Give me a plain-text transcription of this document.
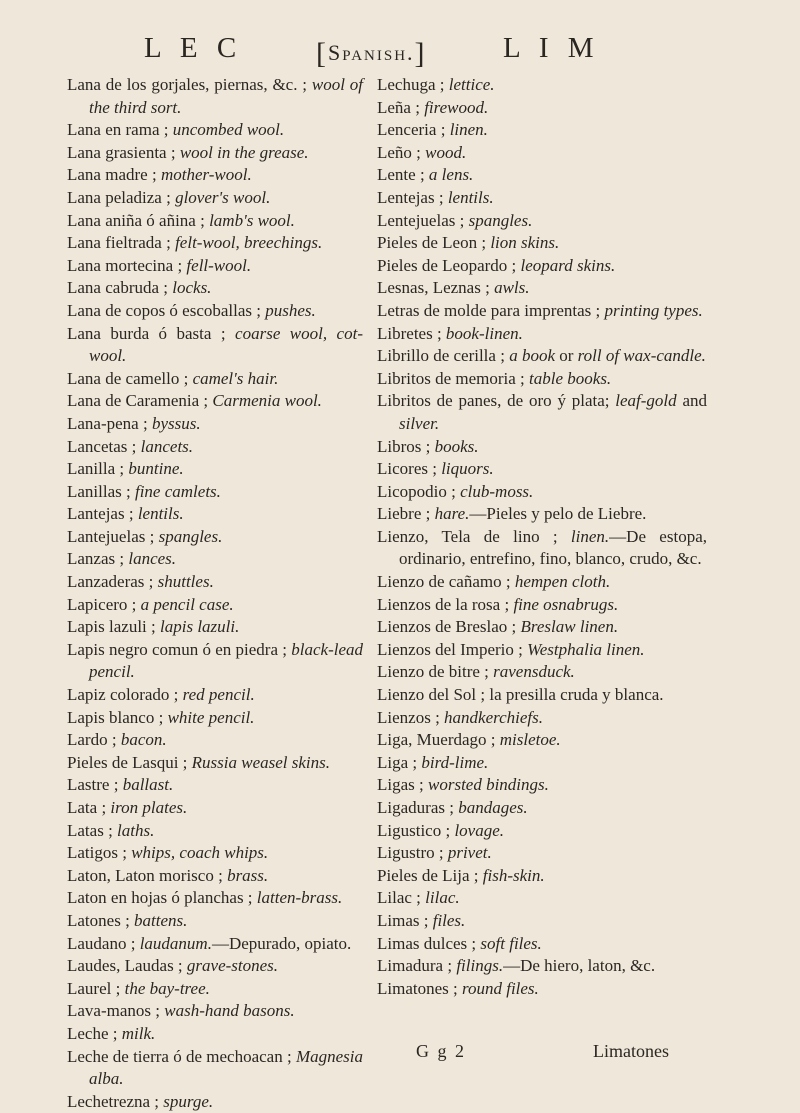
L E C [Spanish.]	L I M

Lana de los gorjales, piernas, &c. ; wool of the third sort.

Lana en rama ; uncombed wool.

Lana grasienta ; wool in the grease.

Lana madre ; mother-wool.

Lana peladiza ; glover's wool.

Lana aniña ó añina ; lamb's wool.

Lana fieltrada ; felt-wool, breechings.

Lana mortecina ; fell-wool.

Lana cabruda ; locks.

Lana de copos ó escoballas ; pushes.

Lana burda ó basta ; coarse wool, cot-wool.

Lana de camello ; camel's hair.

Lana de Caramenia ; Carmenia wool.

Lana-pena ; byssus.

Lancetas ; lancets.

Lanilla ; buntine.

Lanillas ; fine camlets.

Lantejas ; lentils.

Lantejuelas ; spangles.

Lanzas ; lances.

Lanzaderas ; shuttles.

Lapicero ; a pencil case.

Lapis lazuli ; lapis lazuli.

Lapis negro comun ó en piedra ; black-lead pencil.

Lapiz colorado ; red pencil.

Lapis blanco ; white pencil.

Lardo ; bacon.

Pieles de Lasqui ; Russia weasel skins.

Lastre ; ballast.

Lata ; iron plates.

Latas ; laths.

Latigos ; whips, coach whips.

Laton, Laton morisco ; brass.

Laton en hojas ó planchas ; latten-brass.

Latones ; battens.

Laudano ; laudanum.—Depurado, opiato.

Laudes, Laudas ; grave-stones.

Laurel ; the bay-tree.

Lava-manos ; wash-hand basons.

Leche ; milk.

Leche de tierra ó de mechoacan ; Magnesia alba.

Lechetrezna ; spurge.

Lechuga ; lettice.

Leña ; firewood.

Lenceria ; linen.

Leño ; wood.

Lente ; a lens.

Lentejas ; lentils.

Lentejuelas ; spangles.

Pieles de Leon ; lion skins.

Pieles de Leopardo ; leopard skins.

Lesnas, Leznas ; awls.

Letras de molde para imprentas ; printing types.

Libretes ; book-linen.

Librillo de cerilla ; a book or roll of wax-candle.

Libritos de memoria ; table books.

Libritos de panes, de oro ý plata; leaf-gold and silver.

Libros ; books.

Licores ; liquors.

Licopodio ; club-moss.

Liebre ; hare.—Pieles y pelo de Liebre.

Lienzo, Tela de lino ; linen.—De estopa, ordinario, entrefino, fino, blanco, crudo, &c.

Lienzo de cañamo ; hempen cloth.

Lienzos de la rosa ; fine osnabrugs.

Lienzos de Breslao ; Breslaw linen.

Lienzos del Imperio ; Westphalia linen.

Lienzo de bitre ; ravensduck.

Lienzo del Sol ; la presilla cruda y blanca.

Lienzos ; handkerchiefs.

Liga, Muerdago ; misletoe.

Liga ; bird-lime.

Ligas ; worsted bindings.

Ligaduras ; bandages.

Ligustico ; lovage.

Ligustro ; privet.

Pieles de Lija ; fish-skin.

Lilac ; lilac.

Limas ; files.

Limas dulces ; soft files.

Limadura ; filings.—De hiero, laton, &c.

Limatones ; round files.

G g 2	Limatones
